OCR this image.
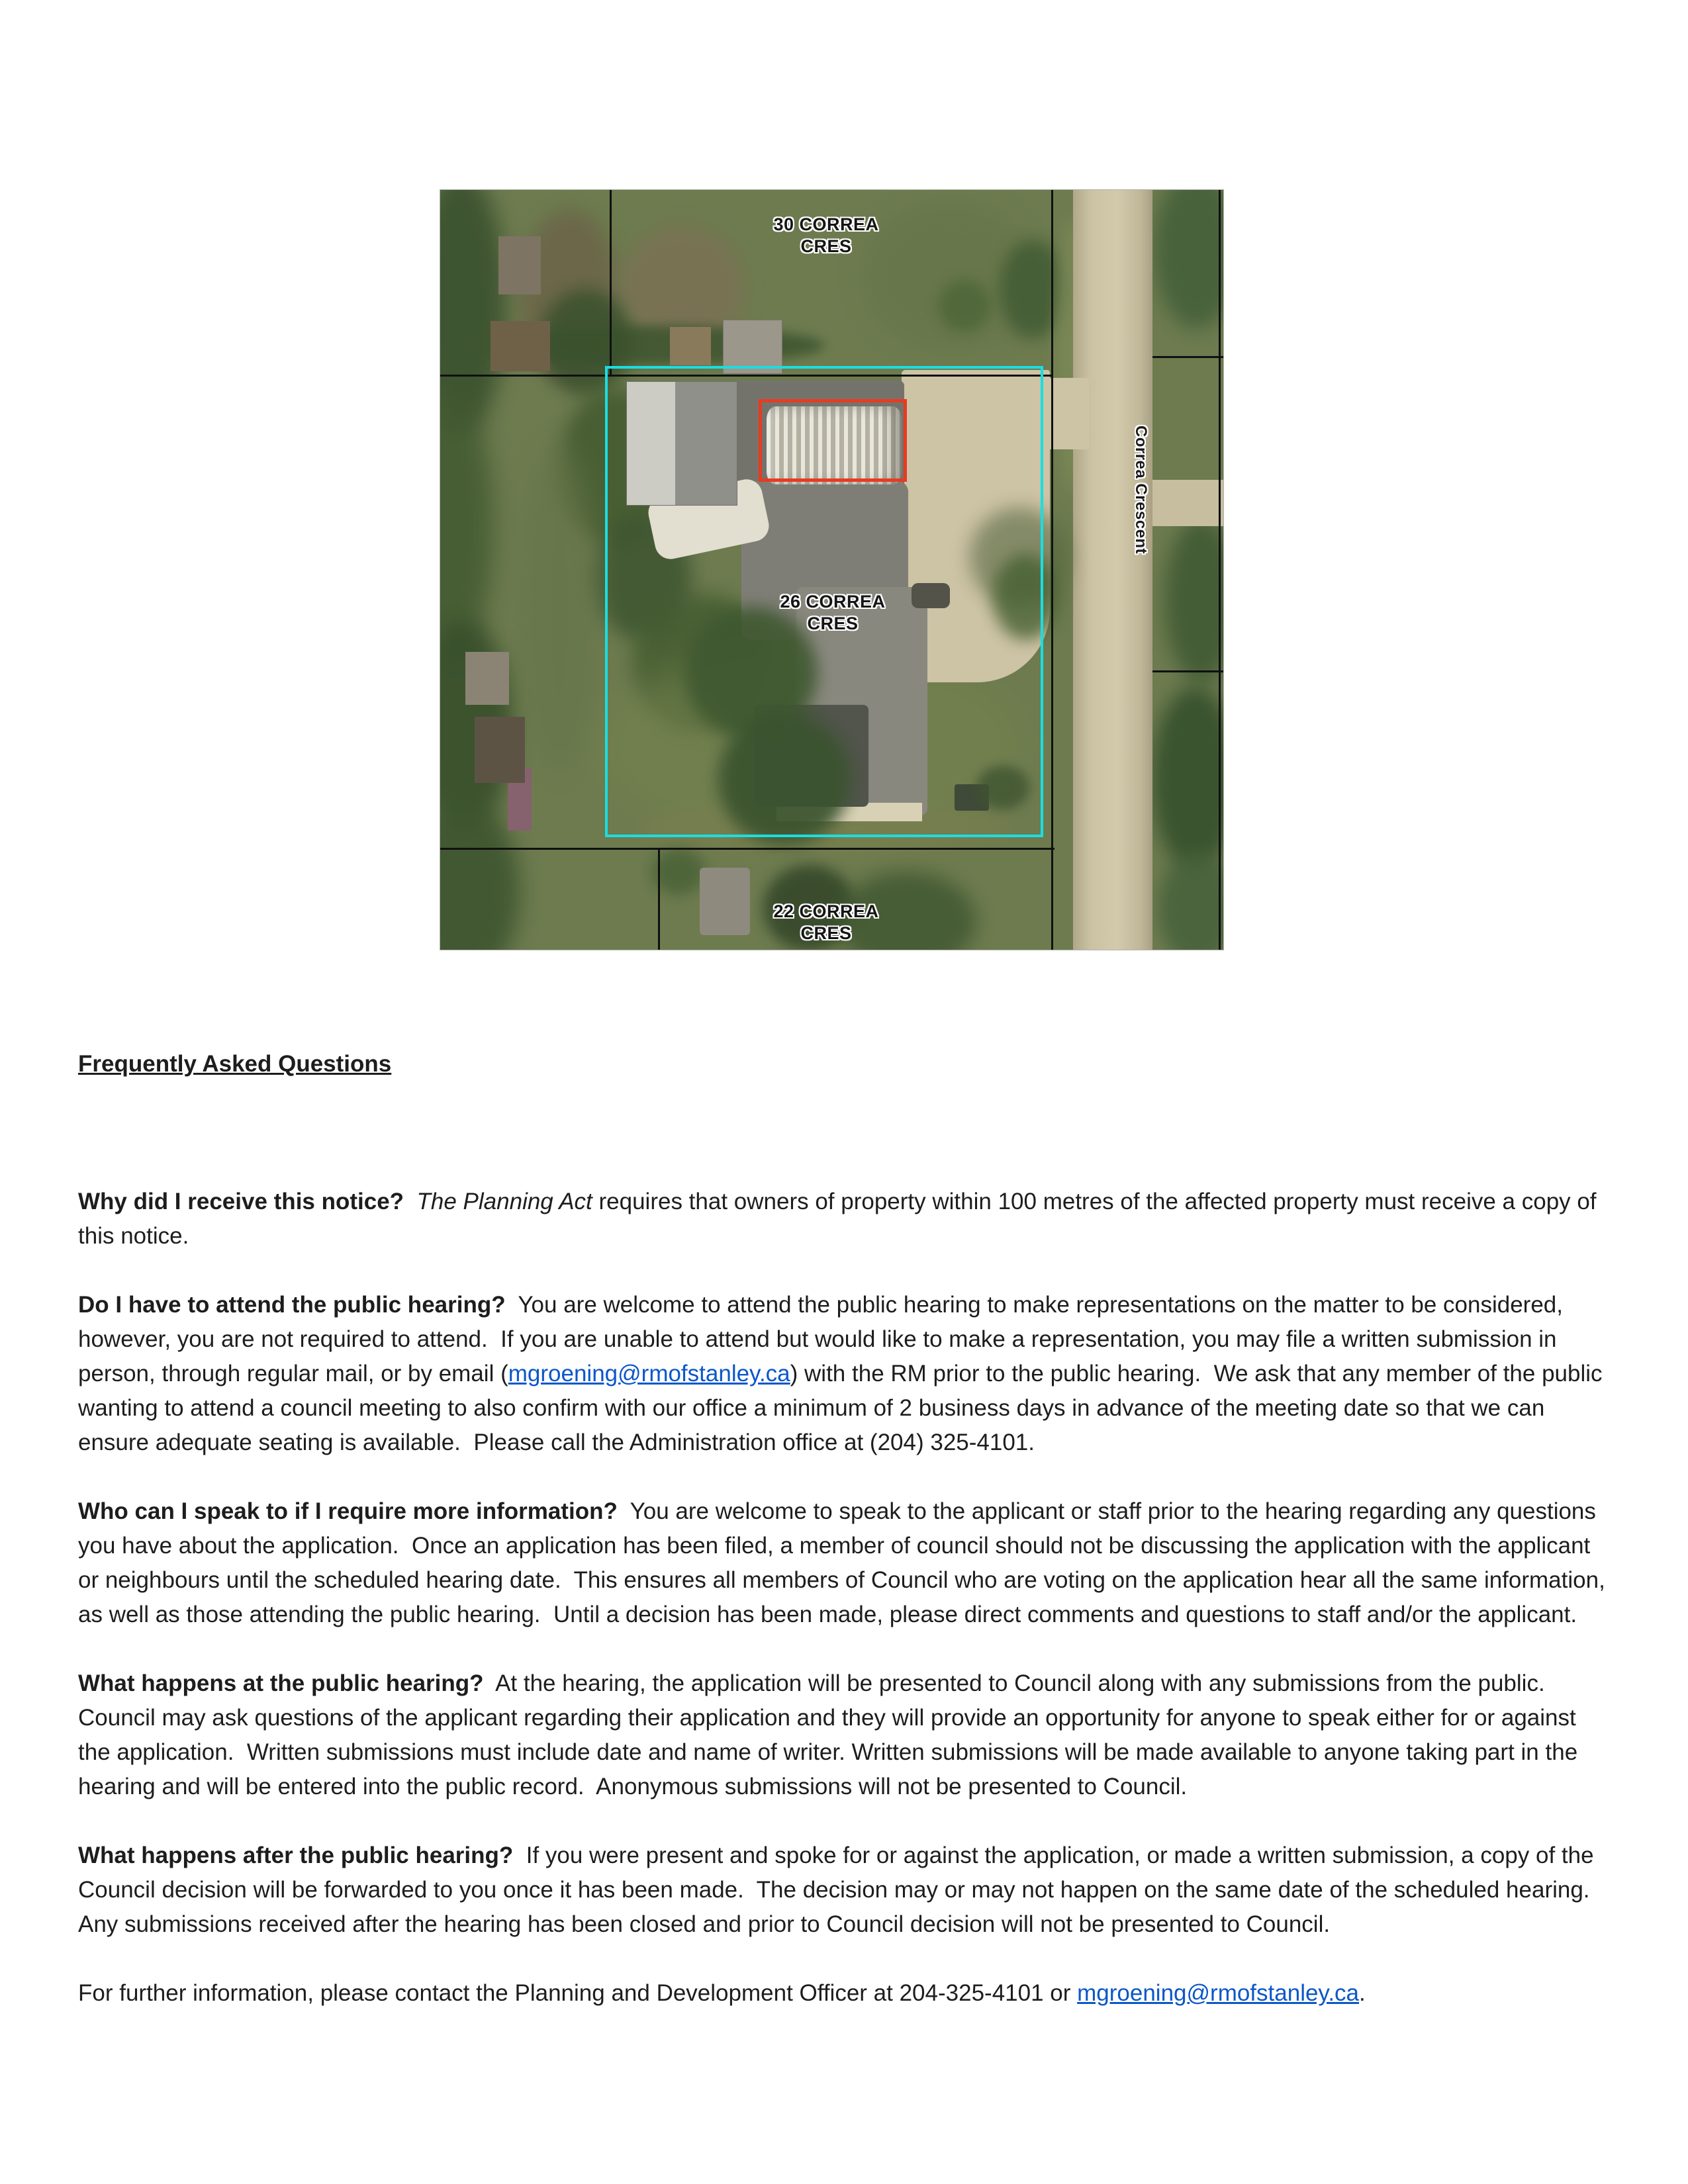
30 CORREA
CRES
26 CORREA
CRES
22 CORREA
CRES
Correa Crescent

Frequently Asked Questions

Why did I receive this notice? The Planning Act requires that owners of property within 100 metres of the affected property must receive a copy of this notice.

Do I have to attend the public hearing?  You are welcome to attend the public hearing to make representations on the matter to be considered, however, you are not required to attend.  If you are unable to attend but would like to make a representation, you may file a written submission in person, through regular mail, or by email (mgroening@rmofstanley.ca) with the RM prior to the public hearing.  We ask that any member of the public wanting to attend a council meeting to also confirm with our office a minimum of 2 business days in advance of the meeting date so that we can ensure adequate seating is available.  Please call the Administration office at (204) 325-4101.

Who can I speak to if I require more information?  You are welcome to speak to the applicant or staff prior to the hearing regarding any questions you have about the application.  Once an application has been filed, a member of council should not be discussing the application with the applicant or neighbours until the scheduled hearing date.  This ensures all members of Council who are voting on the application hear all the same information, as well as those attending the public hearing.  Until a decision has been made, please direct comments and questions to staff and/or the applicant.

What happens at the public hearing?  At the hearing, the application will be presented to Council along with any submissions from the public.  Council may ask questions of the applicant regarding their application and they will provide an opportunity for anyone to speak either for or against the application.  Written submissions must include date and name of writer. Written submissions will be made available to anyone taking part in the hearing and will be entered into the public record.  Anonymous submissions will not be presented to Council.

What happens after the public hearing?  If you were present and spoke for or against the application, or made a written submission, a copy of the Council decision will be forwarded to you once it has been made.  The decision may or may not happen on the same date of the scheduled hearing.  Any submissions received after the hearing has been closed and prior to Council decision will not be presented to Council.

For further information, please contact the Planning and Development Officer at 204-325-4101 or mgroening@rmofstanley.ca.
